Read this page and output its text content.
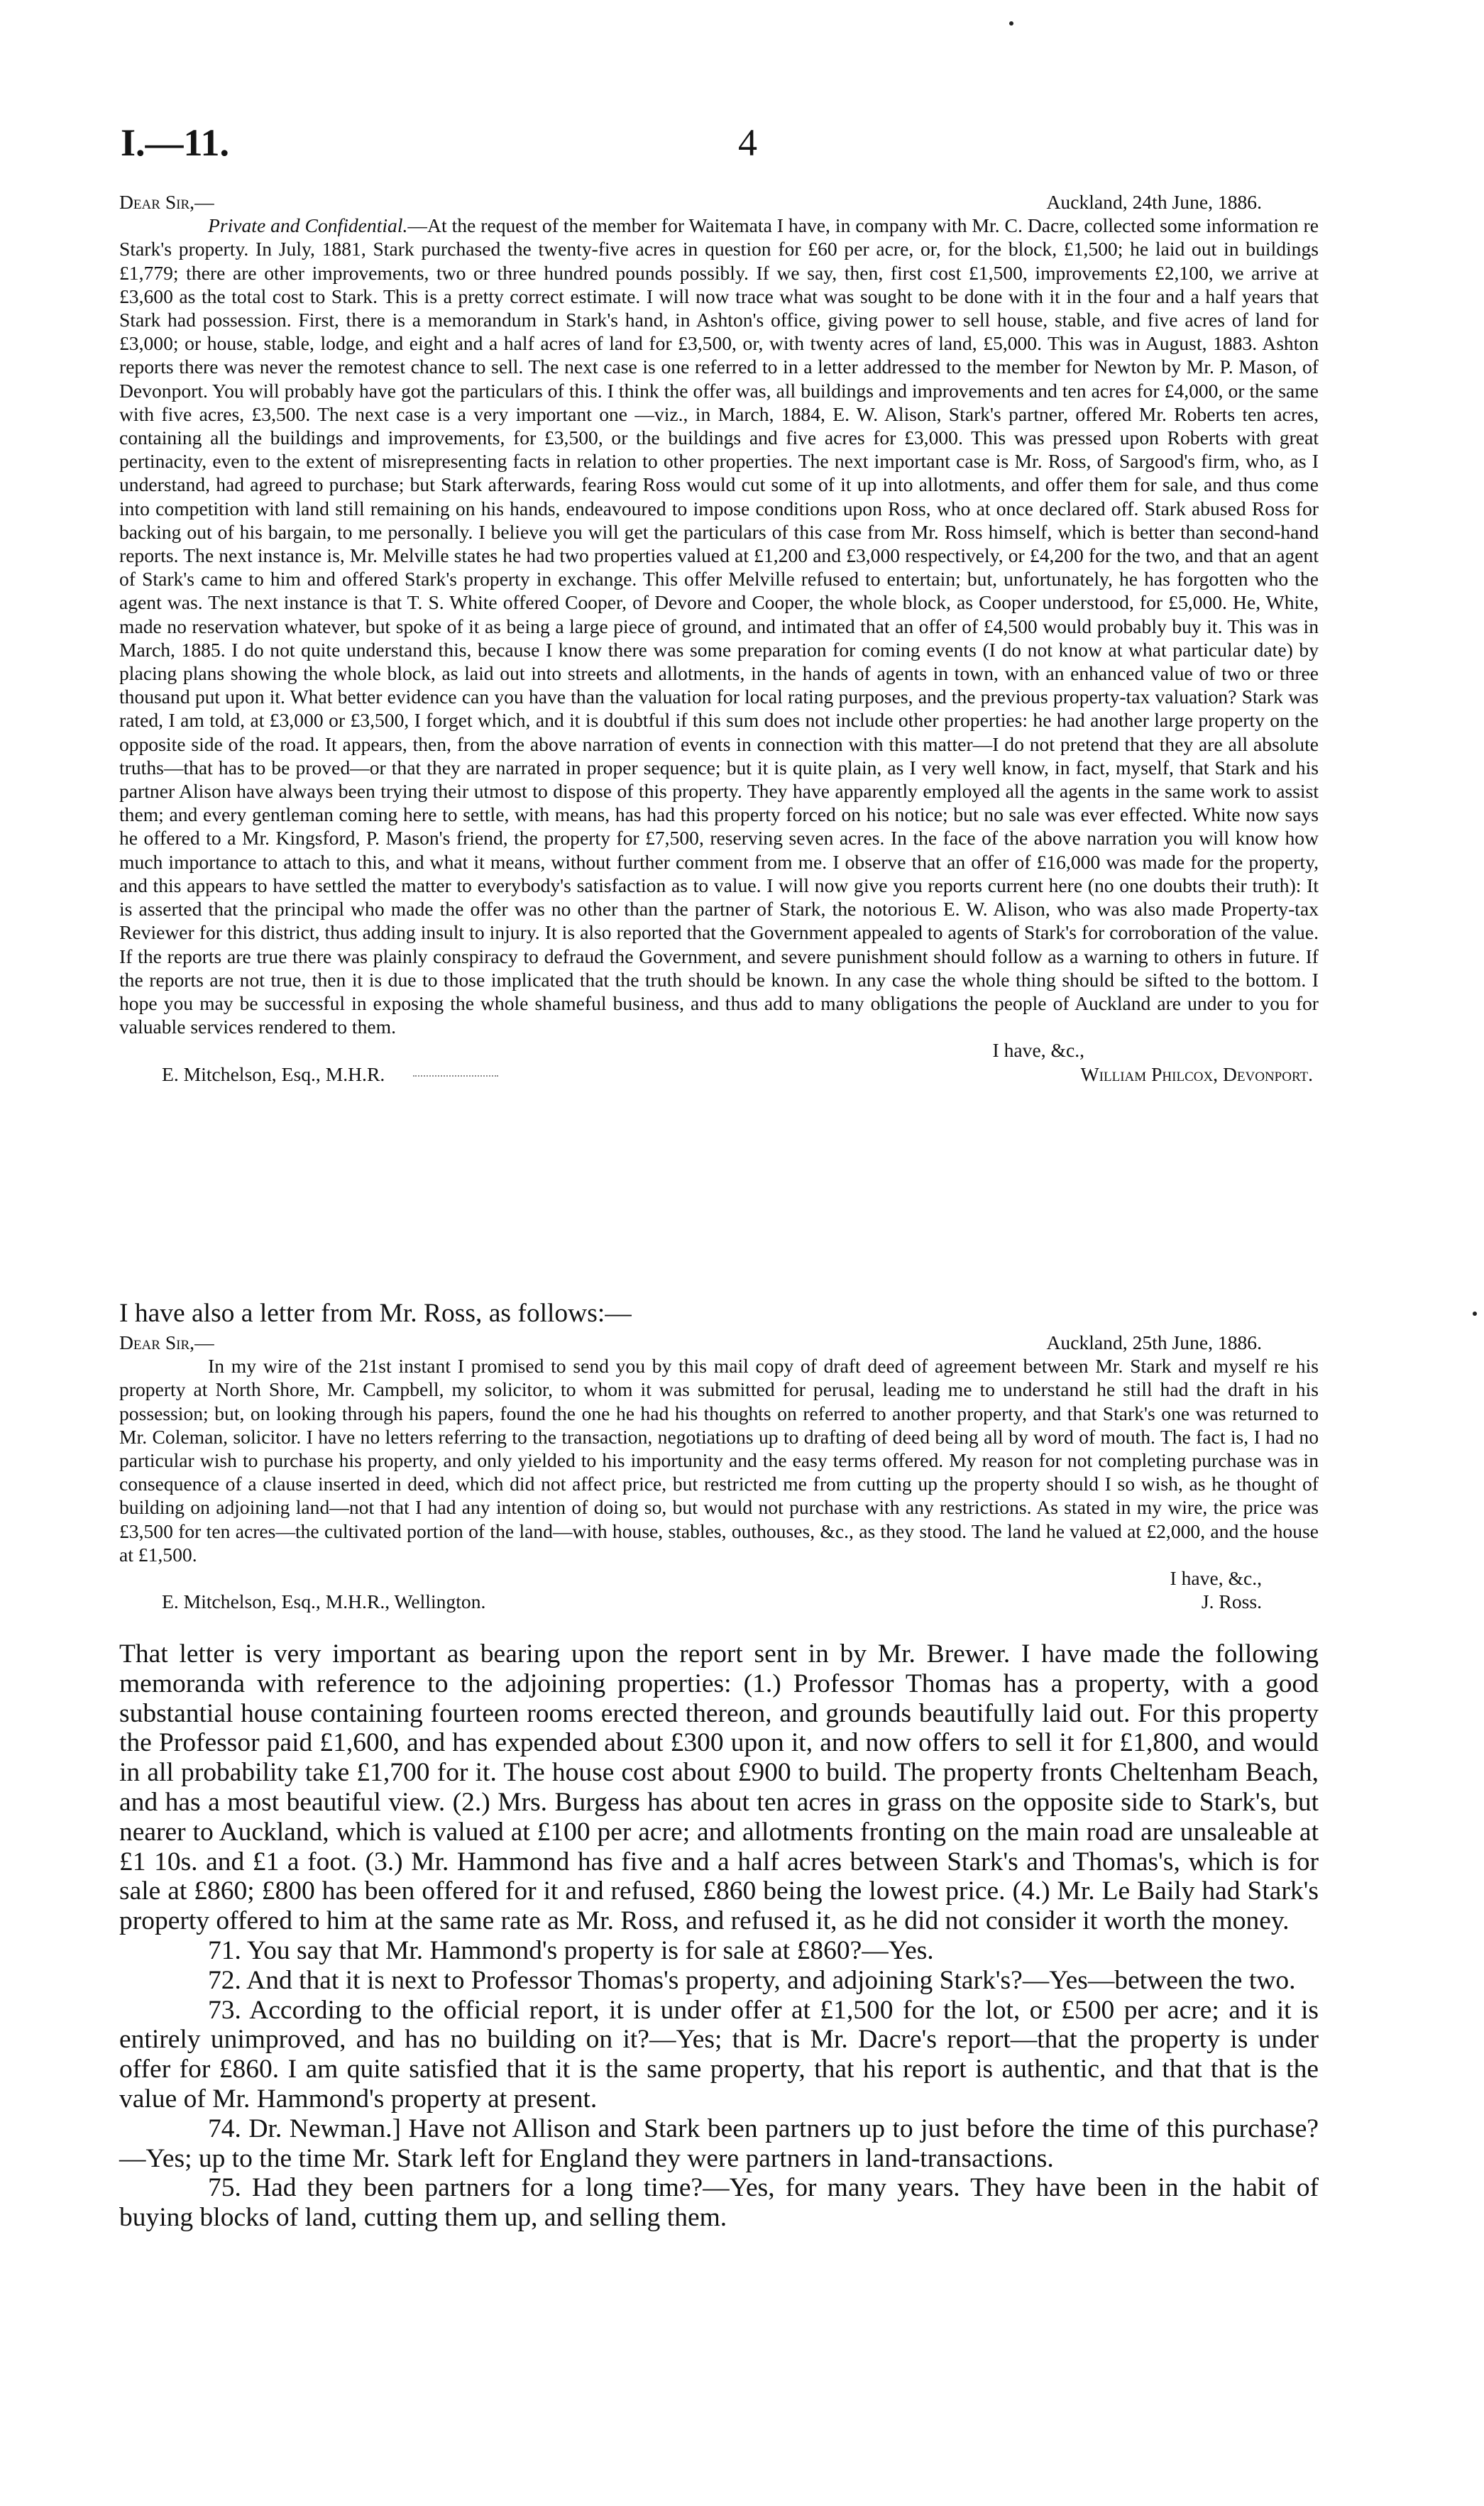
I.—11.	4
Dear Sir,—	Auckland, 24th June, 1886.

Private and Confidential.—At the request of the member for Waitemata I have, in company with Mr. C. Dacre, collected some information re Stark's property. In July, 1881, Stark purchased the twenty-five acres in question for £60 per acre, or, for the block, £1,500; he laid out in buildings £1,779; there are other improvements, two or three hundred pounds possibly. If we say, then, first cost £1,500, improvements £2,100, we arrive at £3,600 as the total cost to Stark. This is a pretty correct estimate. I will now trace what was sought to be done with it in the four and a half years that Stark had possession. First, there is a memorandum in Stark's hand, in Ashton's office, giving power to sell house, stable, and five acres of land for £3,000; or house, stable, lodge, and eight and a half acres of land for £3,500, or, with twenty acres of land, £5,000. This was in August, 1883. Ashton reports there was never the remotest chance to sell. The next case is one referred to in a letter addressed to the member for Newton by Mr. P. Mason, of Devonport. You will probably have got the particulars of this. I think the offer was, all buildings and improvements and ten acres for £4,000, or the same with five acres, £3,500. The next case is a very important one —viz., in March, 1884, E. W. Alison, Stark's partner, offered Mr. Roberts ten acres, containing all the buildings and improvements, for £3,500, or the buildings and five acres for £3,000. This was pressed upon Roberts with great pertinacity, even to the extent of misrepresenting facts in relation to other properties. The next important case is Mr. Ross, of Sargood's firm, who, as I understand, had agreed to purchase; but Stark afterwards, fearing Ross would cut some of it up into allotments, and offer them for sale, and thus come into competition with land still remaining on his hands, endeavoured to impose conditions upon Ross, who at once declared off. Stark abused Ross for backing out of his bargain, to me personally. I believe you will get the particulars of this case from Mr. Ross himself, which is better than second-hand reports. The next instance is, Mr. Melville states he had two properties valued at £1,200 and £3,000 respectively, or £4,200 for the two, and that an agent of Stark's came to him and offered Stark's property in exchange. This offer Melville refused to entertain; but, unfortunately, he has forgotten who the agent was. The next instance is that T. S. White offered Cooper, of Devore and Cooper, the whole block, as Cooper understood, for £5,000. He, White, made no reservation whatever, but spoke of it as being a large piece of ground, and intimated that an offer of £4,500 would probably buy it. This was in March, 1885. I do not quite understand this, because I know there was some preparation for coming events (I do not know at what particular date) by placing plans showing the whole block, as laid out into streets and allotments, in the hands of agents in town, with an enhanced value of two or three thousand put upon it. What better evidence can you have than the valuation for local rating purposes, and the previous property-tax valuation? Stark was rated, I am told, at £3,000 or £3,500, I forget which, and it is doubtful if this sum does not include other properties: he had another large property on the opposite side of the road. It appears, then, from the above narration of events in connection with this matter—I do not pretend that they are all absolute truths—that has to be proved—or that they are narrated in proper sequence; but it is quite plain, as I very well know, in fact, myself, that Stark and his partner Alison have always been trying their utmost to dispose of this property. They have apparently employed all the agents in the same work to assist them; and every gentleman coming here to settle, with means, has had this property forced on his notice; but no sale was ever effected. White now says he offered to a Mr. Kingsford, P. Mason's friend, the property for £7,500, reserving seven acres. In the face of the above narration you will know how much importance to attach to this, and what it means, without further comment from me. I observe that an offer of £16,000 was made for the property, and this appears to have settled the matter to everybody's satisfaction as to value. I will now give you reports current here (no one doubts their truth): It is asserted that the principal who made the offer was no other than the partner of Stark, the notorious E. W. Alison, who was also made Property-tax Reviewer for this district, thus adding insult to injury. It is also reported that the Government appealed to agents of Stark's for corroboration of the value. If the reports are true there was plainly conspiracy to defraud the Government, and severe punishment should follow as a warning to others in future. If the reports are not true, then it is due to those implicated that the truth should be known. In any case the whole thing should be sifted to the bottom. I hope you may be successful in exposing the whole shameful business, and thus add to many obligations the people of Auckland are under to you for valuable services rendered to them.

I have, &c.,
E. Mitchelson, Esq., M.H.R.	William Philcox, Devonport.
I have also a letter from Mr. Ross, as follows:—
Dear Sir,—	Auckland, 25th June, 1886.

In my wire of the 21st instant I promised to send you by this mail copy of draft deed of agreement between Mr. Stark and myself re his property at North Shore, Mr. Campbell, my solicitor, to whom it was submitted for perusal, leading me to understand he still had the draft in his possession; but, on looking through his papers, found the one he had his thoughts on referred to another property, and that Stark's one was returned to Mr. Coleman, solicitor. I have no letters referring to the transaction, negotiations up to drafting of deed being all by word of mouth. The fact is, I had no particular wish to purchase his property, and only yielded to his importunity and the easy terms offered. My reason for not completing purchase was in consequence of a clause inserted in deed, which did not affect price, but restricted me from cutting up the property should I so wish, as he thought of building on adjoining land—not that I had any intention of doing so, but would not purchase with any restrictions. As stated in my wire, the price was £3,500 for ten acres—the cultivated portion of the land—with house, stables, outhouses, &c., as they stood. The land he valued at £2,000, and the house at £1,500.

I have, &c.,
E. Mitchelson, Esq., M.H.R., Wellington.	J. Ross.

That letter is very important as bearing upon the report sent in by Mr. Brewer. I have made the following memoranda with reference to the adjoining properties: (1.) Professor Thomas has a property, with a good substantial house containing fourteen rooms erected thereon, and grounds beautifully laid out. For this property the Professor paid £1,600, and has expended about £300 upon it, and now offers to sell it for £1,800, and would in all probability take £1,700 for it. The house cost about £900 to build. The property fronts Cheltenham Beach, and has a most beautiful view. (2.) Mrs. Burgess has about ten acres in grass on the opposite side to Stark's, but nearer to Auckland, which is valued at £100 per acre; and allotments fronting on the main road are unsaleable at £1 10s. and £1 a foot. (3.) Mr. Hammond has five and a half acres between Stark's and Thomas's, which is for sale at £860; £800 has been offered for it and refused, £860 being the lowest price. (4.) Mr. Le Baily had Stark's property offered to him at the same rate as Mr. Ross, and refused it, as he did not consider it worth the money.

71. You say that Mr. Hammond's property is for sale at £860?—Yes.

72. And that it is next to Professor Thomas's property, and adjoining Stark's?—Yes—between the two.

73. According to the official report, it is under offer at £1,500 for the lot, or £500 per acre; and it is entirely unimproved, and has no building on it?—Yes; that is Mr. Dacre's report—that the property is under offer for £860. I am quite satisfied that it is the same property, that his report is authentic, and that that is the value of Mr. Hammond's property at present.

74. Dr. Newman.] Have not Allison and Stark been partners up to just before the time of this purchase?—Yes; up to the time Mr. Stark left for England they were partners in land-transactions.

75. Had they been partners for a long time?—Yes, for many years. They have been in the habit of buying blocks of land, cutting them up, and selling them.
